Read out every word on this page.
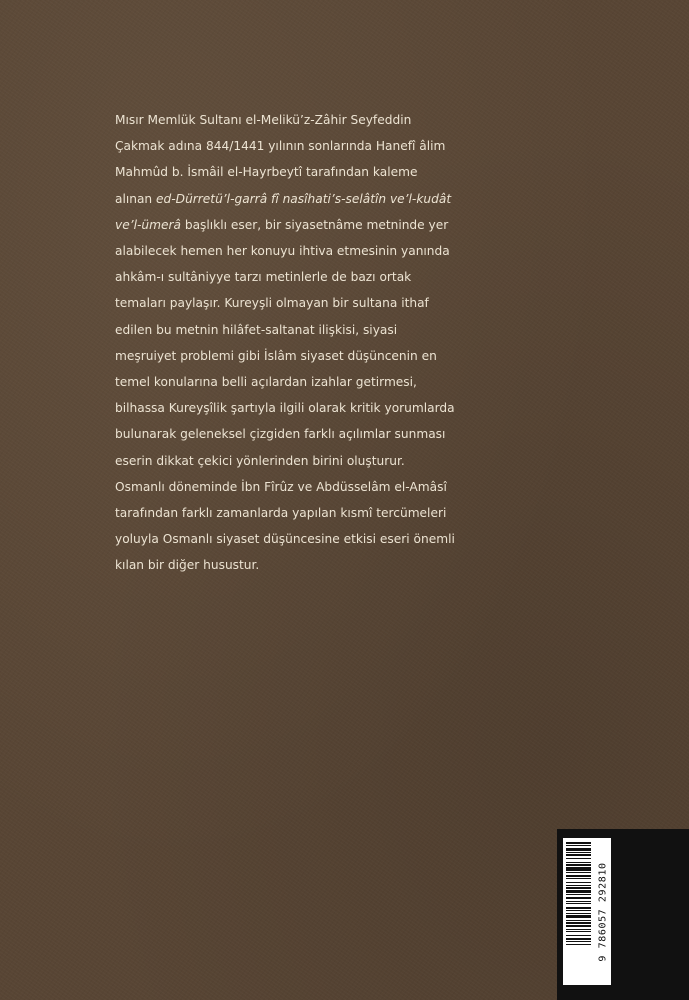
Mısır Memlük Sultanı el-Melikü’z-Zâhir Seyfeddin Çakmak adına 844/1441 yılının sonlarında Hanefî âlim Mahmûd b. İsmâil el-Hayrbeytî tarafından kaleme alınan ed-Dürretü’l-garrâ fî nasîhati’s-selâtîn ve’l-kudât ve’l-ümerâ başlıklı eser, bir siyasetnâme metninde yer alabilecek hemen her konuyu ihtiva etmesinin yanında ahkâm-ı sultâniyye tarzı metinlerle de bazı ortak temaları paylaşır. Kureyşli olmayan bir sultana ithaf edilen bu metnin hilâfet-saltanat ilişkisi, siyasi meşruiyet problemi gibi İslâm siyaset düşüncenin en temel konularına belli açılardan izahlar getirmesi, bilhassa Kureyşîlik şartıyla ilgili olarak kritik yorumlarda bulunarak geleneksel çizgiden farklı açılımlar sunması eserin dikkat çekici yönlerinden birini oluşturur. Osmanlı döneminde İbn Fîrûz ve Abdüsselâm el-Amâsî tarafından farklı zamanlarda yapılan kısmî tercümeleri yoluyla Osmanlı siyaset düşüncesine etkisi eseri önemli kılan bir diğer husustur.

9 786057 292810
